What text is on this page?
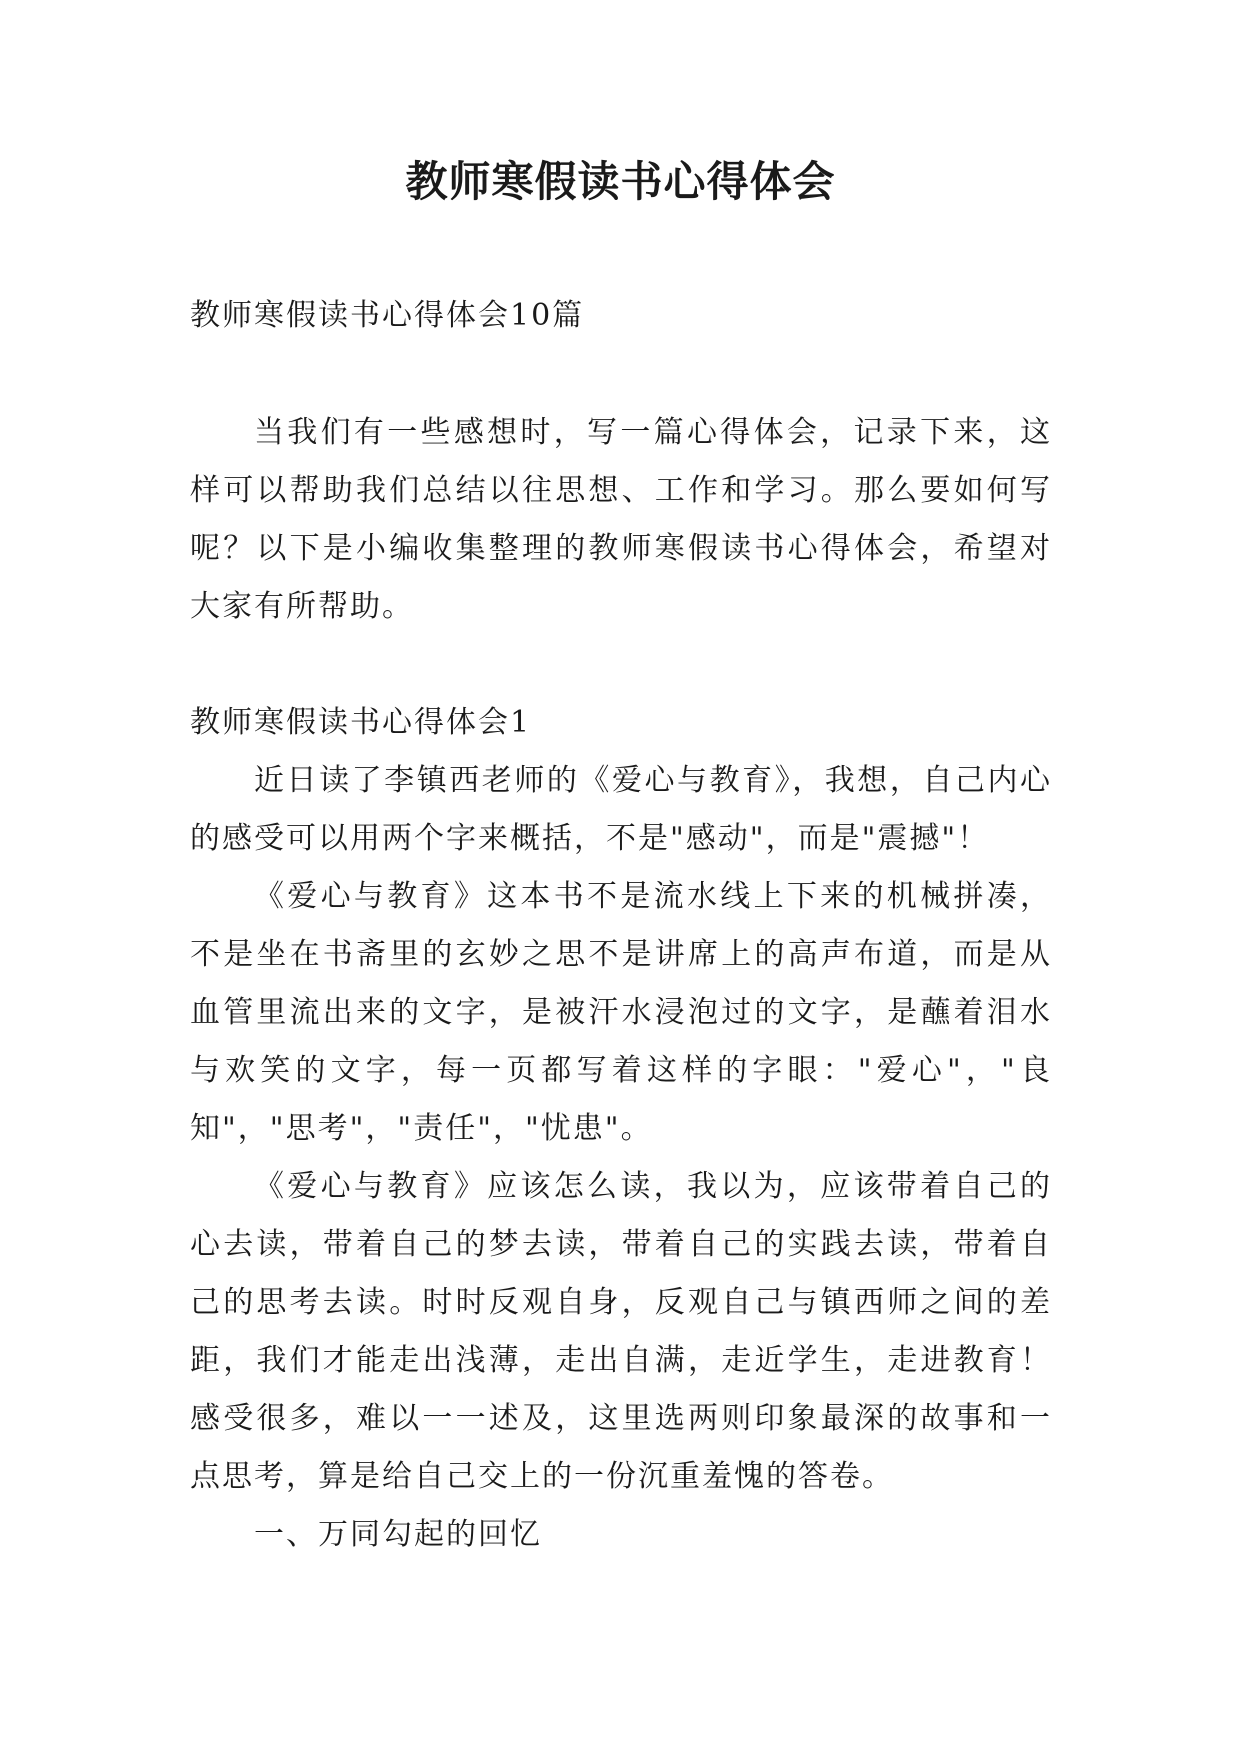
教师寒假读书心得体会
教师寒假读书心得体会10篇
当我们有一些感想时，写一篇心得体会，记录下来，这样可以帮助我们总结以往思想、工作和学习。那么要如何写呢？以下是小编收集整理的教师寒假读书心得体会，希望对大家有所帮助。
教师寒假读书心得体会1

近日读了李镇西老师的《爱心与教育》，我想，自己内心的感受可以用两个字来概括，不是"感动"，而是"震撼"！

《爱心与教育》这本书不是流水线上下来的机械拼凑，不是坐在书斋里的玄妙之思不是讲席上的高声布道，而是从血管里流出来的文字，是被汗水浸泡过的文字，是蘸着泪水与欢笑的文字，每一页都写着这样的字眼："爱心"，"良知"，"思考"，"责任"，"忧患"。

《爱心与教育》应该怎么读，我以为，应该带着自己的心去读，带着自己的梦去读，带着自己的实践去读，带着自己的思考去读。时时反观自身，反观自己与镇西师之间的差距，我们才能走出浅薄，走出自满，走近学生，走进教育！感受很多，难以一一述及，这里选两则印象最深的故事和一点思考，算是给自己交上的一份沉重羞愧的答卷。

一、万同勾起的回忆
